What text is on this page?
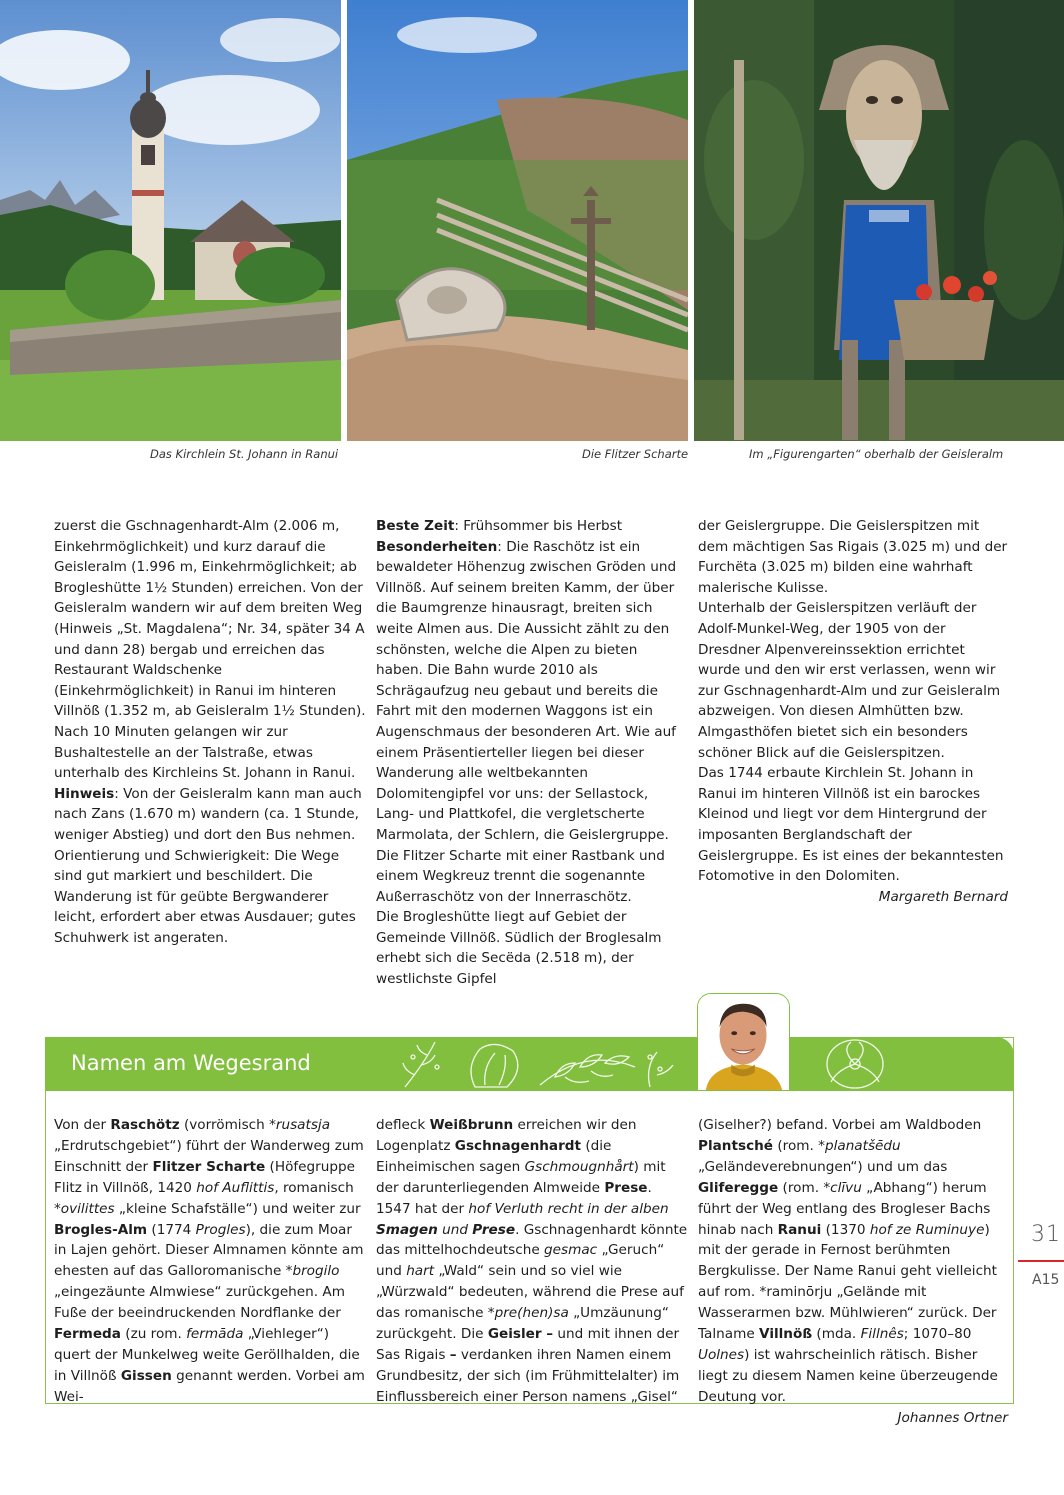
Das Kirchlein St. Johann in Ranui	Die Flitzer Scharte	Im „Figurengarten“ oberhalb der Geisleralm

zuerst die Gschnagenhardt-Alm (2.006 m, Einkehrmöglichkeit) und kurz darauf die Geisleralm (1.996 m, Einkehrmöglichkeit; ab Brogleshütte 1½ Stunden) erreichen. Von der Geisleralm wandern wir auf dem breiten Weg (Hinweis „St. Magdalena“; Nr. 34, später 34 A und dann 28) bergab und erreichen das Restaurant Waldschenke (Einkehrmöglichkeit) in Ranui im hinteren Villnöß (1.352 m, ab Geisleralm 1½ Stunden). Nach 10 Minuten gelangen wir zur Bushaltestelle an der Talstraße, etwas unterhalb des Kirchleins St. Johann in Ranui.

Hinweis: Von der Geisleralm kann man auch nach Zans (1.670 m) wandern (ca. 1 Stunde, weniger Abstieg) und dort den Bus nehmen. Orientierung und Schwierigkeit: Die Wege sind gut markiert und beschildert. Die Wanderung ist für geübte Bergwanderer leicht, erfordert aber etwas Ausdauer; gutes Schuhwerk ist angeraten.

Beste Zeit: Frühsommer bis Herbst

Besonderheiten: Die Raschötz ist ein bewaldeter Höhenzug zwischen Gröden und Villnöß. Auf seinem breiten Kamm, der über die Baumgrenze hinausragt, breiten sich weite Almen aus. Die Aussicht zählt zu den schönsten, welche die Alpen zu bieten haben. Die Bahn wurde 2010 als Schrägaufzug neu gebaut und bereits die Fahrt mit den modernen Waggons ist ein Augenschmaus der besonderen Art. Wie auf einem Präsentierteller liegen bei dieser Wanderung alle weltbekannten Dolomitengipfel vor uns: der Sellastock, Lang- und Plattkofel, die vergletscherte Marmolata, der Schlern, die Geislergruppe.

Die Flitzer Scharte mit einer Rastbank und einem Wegkreuz trennt die sogenannte Außerraschötz von der Innerraschötz.

Die Brogleshütte liegt auf Gebiet der Gemeinde Villnöß. Südlich der Broglesalm erhebt sich die Secëda (2.518 m), der westlichste Gipfel

der Geislergruppe. Die Geislerspitzen mit dem mächtigen Sas Rigais (3.025 m) und der Furchëta (3.025 m) bilden eine wahrhaft malerische Kulisse.

Unterhalb der Geislerspitzen verläuft der Adolf-Munkel-Weg, der 1905 von der Dresdner Alpenvereinssektion errichtet wurde und den wir erst verlassen, wenn wir zur Gschnagenhardt-Alm und zur Geisleralm abzweigen. Von diesen Almhütten bzw. Almgasthöfen bietet sich ein besonders schöner Blick auf die Geislerspitzen.

Das 1744 erbaute Kirchlein St. Johann in Ranui im hinteren Villnöß ist ein barockes Kleinod und liegt vor dem Hintergrund der imposanten Berglandschaft der Geislergruppe. Es ist eines der bekanntesten Fotomotive in den Dolomiten.

Margareth Bernard

Namen am Wegesrand
Von der Raschötz (vorrömisch *rusatsja „Erdrutschgebiet“) führt der Wanderweg zum Einschnitt der Flitzer Scharte (Höfegruppe Flitz in Villnöß, 1420 hof Auflittis, romanisch *ovilittes „kleine Schafställe“) und weiter zur Brogles-Alm (1774 Progles), die zum Moar in Lajen gehört. Dieser Almnamen könnte am ehesten auf das Galloromanische *brogilo „eingezäunte Almwiese“ zurückgehen. Am Fuße der beeindruckenden Nordflanke der Fermeda (zu rom. fermāda „Viehleger“) quert der Munkelweg weite Geröllhalden, die in Villnöß Gissen genannt werden. Vorbei am Wei-
defleck Weißbrunn erreichen wir den Logenplatz Gschnagenhardt (die Einheimischen sagen Gschmougnhårt) mit der darunterliegenden Almweide Prese. 1547 hat der hof Verluth recht in der alben Smagen und Prese. Gschnagenhardt könnte das mittelhochdeutsche gesmac „Geruch“ und hart „Wald“ sein und so viel wie „Würzwald“ bedeuten, während die Prese auf das romanische *pre(hen)sa „Umzäunung“ zurückgeht. Die Geisler – und mit ihnen der Sas Rigais – verdanken ihren Namen einem Grundbesitz, der sich (im Frühmittelalter) im Einflussbereich einer Person namens „Gisel“
(Giselher?) befand. Vorbei am Waldboden Plantsché (rom. *planatšēdu „Geländeverebnungen“) und um das Gliferegge (rom. *clīvu „Abhang“) herum führt der Weg entlang des Brogleser Bachs hinab nach Ranui (1370 hof ze Ruminuye) mit der gerade in Fernost berühmten Bergkulisse. Der Name Ranui geht vielleicht auf rom. *raminōrju „Gelände mit Wasserarmen bzw. Mühlwieren“ zurück. Der Talname Villnöß (mda. Fillnês; 1070–80 Uolnes) ist wahrscheinlich rätisch. Bisher liegt zu diesem Namen keine überzeugende Deutung vor.
Johannes Ortner
31
A15
